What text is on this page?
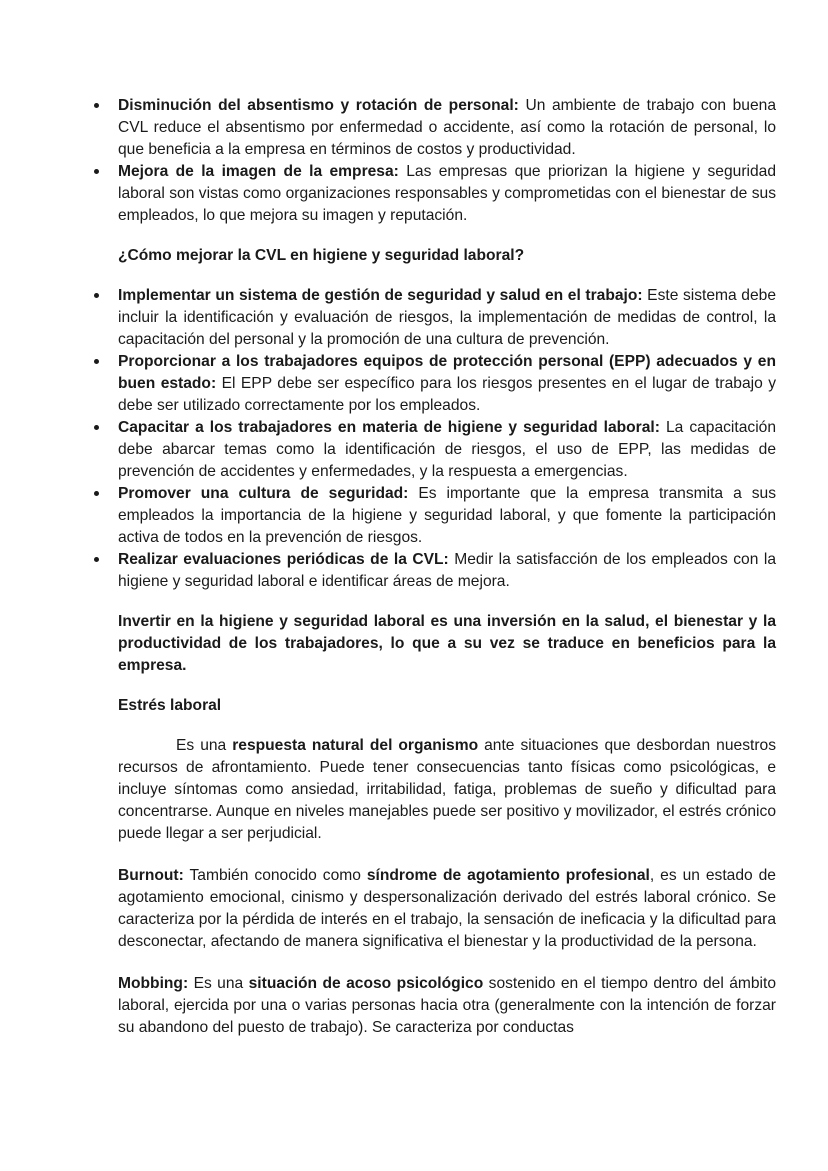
Disminución del absentismo y rotación de personal: Un ambiente de trabajo con buena CVL reduce el absentismo por enfermedad o accidente, así como la rotación de personal, lo que beneficia a la empresa en términos de costos y productividad.
Mejora de la imagen de la empresa: Las empresas que priorizan la higiene y seguridad laboral son vistas como organizaciones responsables y comprometidas con el bienestar de sus empleados, lo que mejora su imagen y reputación.
¿Cómo mejorar la CVL en higiene y seguridad laboral?
Implementar un sistema de gestión de seguridad y salud en el trabajo: Este sistema debe incluir la identificación y evaluación de riesgos, la implementación de medidas de control, la capacitación del personal y la promoción de una cultura de prevención.
Proporcionar a los trabajadores equipos de protección personal (EPP) adecuados y en buen estado: El EPP debe ser específico para los riesgos presentes en el lugar de trabajo y debe ser utilizado correctamente por los empleados.
Capacitar a los trabajadores en materia de higiene y seguridad laboral: La capacitación debe abarcar temas como la identificación de riesgos, el uso de EPP, las medidas de prevención de accidentes y enfermedades, y la respuesta a emergencias.
Promover una cultura de seguridad: Es importante que la empresa transmita a sus empleados la importancia de la higiene y seguridad laboral, y que fomente la participación activa de todos en la prevención de riesgos.
Realizar evaluaciones periódicas de la CVL: Medir la satisfacción de los empleados con la higiene y seguridad laboral e identificar áreas de mejora.
Invertir en la higiene y seguridad laboral es una inversión en la salud, el bienestar y la productividad de los trabajadores, lo que a su vez se traduce en beneficios para la empresa.
Estrés laboral

Es una respuesta natural del organismo ante situaciones que desbordan nuestros recursos de afrontamiento. Puede tener consecuencias tanto físicas como psicológicas, e incluye síntomas como ansiedad, irritabilidad, fatiga, problemas de sueño y dificultad para concentrarse. Aunque en niveles manejables puede ser positivo y movilizador, el estrés crónico puede llegar a ser perjudicial.

Burnout: También conocido como síndrome de agotamiento profesional, es un estado de agotamiento emocional, cinismo y despersonalización derivado del estrés laboral crónico. Se caracteriza por la pérdida de interés en el trabajo, la sensación de ineficacia y la dificultad para desconectar, afectando de manera significativa el bienestar y la productividad de la persona.

Mobbing: Es una situación de acoso psicológico sostenido en el tiempo dentro del ámbito laboral, ejercida por una o varias personas hacia otra (generalmente con la intención de forzar su abandono del puesto de trabajo). Se caracteriza por conductas
